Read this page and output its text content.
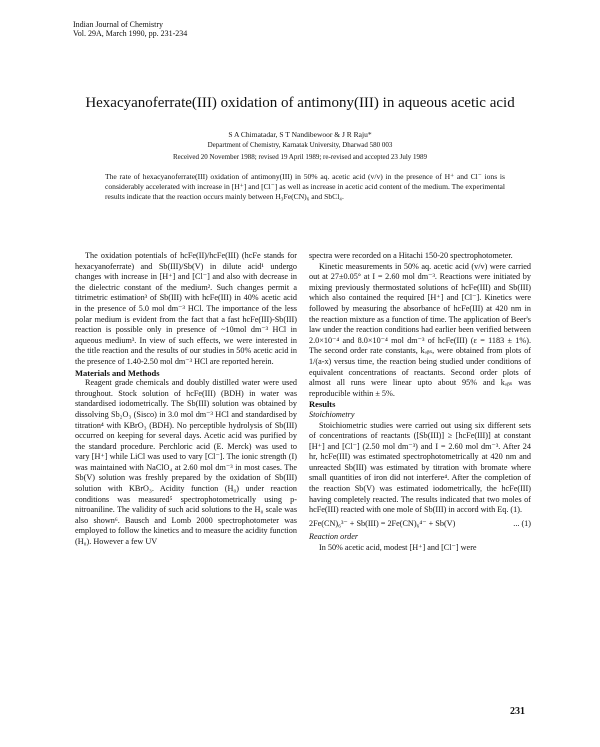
Indian Journal of Chemistry
Vol. 29A, March 1990, pp. 231-234
Hexacyanoferrate(III) oxidation of antimony(III) in aqueous acetic acid
S A Chimatadar, S T Nandibewoor & J R Raju*
Department of Chemistry, Karnatak University, Dharwad 580 003
Received 20 November 1988; revised 19 April 1989; re-revised and accepted 23 July 1989
The rate of hexacyanoferrate(III) oxidation of antimony(III) in 50% aq. acetic acid (v/v) in the presence of H⁺ and Cl⁻ ions is considerably accelerated with increase in [H⁺] and [Cl⁻] as well as increase in acetic acid content of the medium. The experimental results indicate that the reaction occurs mainly between H₃Fe(CN)₆ and SbCl₄.

The oxidation potentials of hcFe(II)/hcFe(III) (hcFe stands for hexacyanoferrate) and Sb(III)/Sb(V) in dilute acid¹ undergo changes with increase in [H⁺] and [Cl⁻] and also with decrease in the dielectric constant of the medium². Such changes permit a titrimetric estimation³ of Sb(III) with hcFe(III) in 40% acetic acid in the presence of 5.0 mol dm⁻³ HCl. The importance of the less polar medium is evident from the fact that a fast hcFe(III)-Sb(III) reaction is possible only in presence of ~10mol dm⁻³ HCl in aqueous medium³. In view of such effects, we were interested in the title reaction and the results of our studies in 50% acetic acid in the presence of 1.40-2.50 mol dm⁻³ HCl are reported herein.

Materials and Methods

Reagent grade chemicals and doubly distilled water were used throughout. Stock solution of hcFe(III) (BDH) in water was standardised iodometrically. The Sb(III) solution was obtained by dissolving Sb₂O₃ (Sisco) in 3.0 mol dm⁻³ HCl and standardised by titration⁴ with KBrO₃ (BDH). No perceptible hydrolysis of Sb(III) occurred on keeping for several days. Acetic acid was purified by the standard procedure. Perchloric acid (E. Merck) was used to vary [H⁺] while LiCl was used to vary [Cl⁻]. The ionic strength (I) was maintained with NaClO₄ at 2.60 mol dm⁻³ in most cases. The Sb(V) solution was freshly prepared by the oxidation of Sb(III) solution with KBrO₃. Acidity function (H₀) under reaction conditions was measured⁵ spectrophotometrically using p-nitroaniline. The validity of such acid solutions to the H₀ scale was also shown⁶. Bausch and Lomb 2000 spectrophotometer was employed to follow the kinetics and to measure the acidity function (H₀). However a few UV

spectra were recorded on a Hitachi 150-20 spectrophotometer.

Kinetic measurements in 50% aq. acetic acid (v/v) were carried out at 27±0.05° at I = 2.60 mol dm⁻³. Reactions were initiated by mixing previously thermostated solutions of hcFe(III) and Sb(III) which also contained the required [H⁺] and [Cl⁻]. Kinetics were followed by measuring the absorbance of hcFe(III) at 420 nm in the reaction mixture as a function of time. The application of Beer's law under the reaction conditions had earlier been verified between 2.0×10⁻⁴ and 8.0×10⁻⁴ mol dm⁻³ of hcFe(III) (ε = 1183 ± 1%). The second order rate constants, kₒᵦₛ, were obtained from plots of 1/(a-x) versus time, the reaction being studied under conditions of equivalent concentrations of reactants. Second order plots of almost all runs were linear upto about 95% and kₒᵦₛ was reproducible within ± 5%.

Results

Stoichiometry

Stoichiometric studies were carried out using six different sets of concentrations of reactants ([Sb(III)] ≥ [hcFe(III)] at constant [H⁺] and [Cl⁻] (2.50 mol dm⁻³) and I = 2.60 mol dm⁻³. After 24 hr, hcFe(III) was estimated spectrophotometrically at 420 nm and unreacted Sb(III) was estimated by titration with bromate where small quantities of iron did not interfere⁴. After the completion of the reaction Sb(V) was estimated iodometrically, the hcFe(III) having completely reacted. The results indicated that two moles of hcFe(III) reacted with one mole of Sb(III) in accord with Eq. (1).

2Fe(CN)₆³⁻ + Sb(III) = 2Fe(CN)₆⁴⁻ + Sb(V)	... (1)

Reaction order

In 50% acetic acid, modest [H⁺] and [Cl⁻] were

231
